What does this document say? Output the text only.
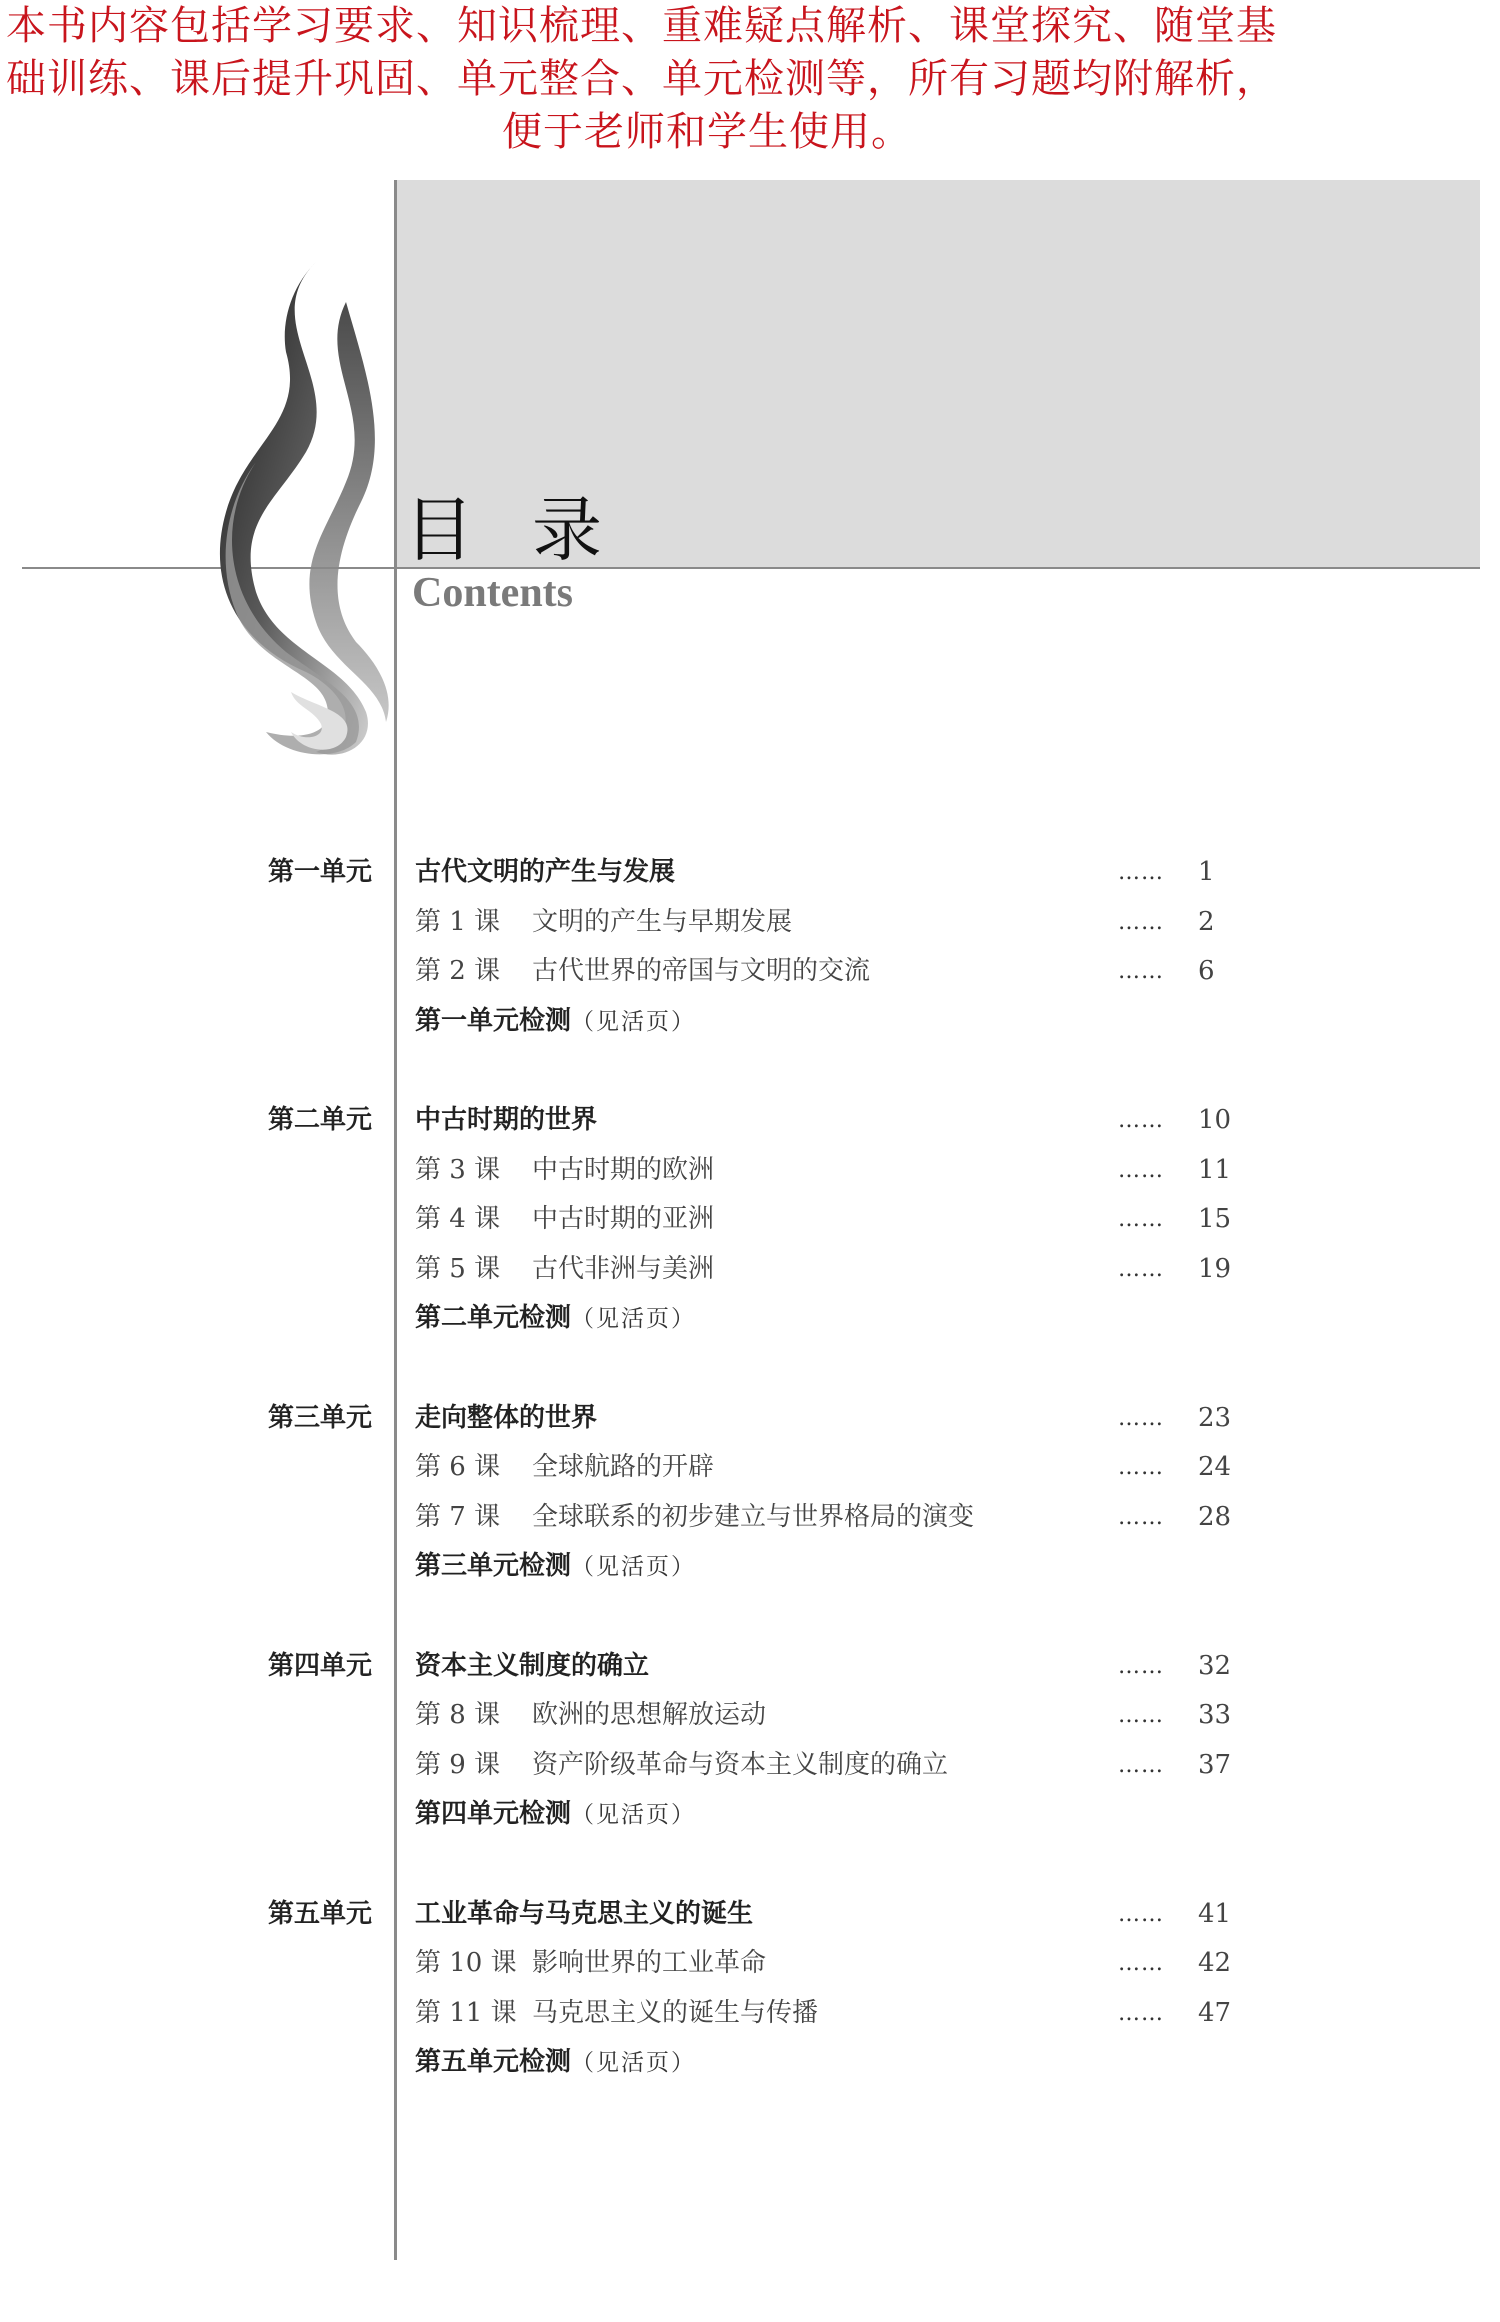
本书内容包括学习要求、知识梳理、重难疑点解析、课堂探究、随堂基
础训练、课后提升巩固、单元整合、单元检测等，所有习题均附解析，
便于老师和学生使用。
目录
Contents
第一单元	古代文明的产生与发展	…… 1
第 1 课 文明的产生与早期发展	…… 2
第 2 课 古代世界的帝国与文明的交流	…… 6
第一单元检测（见活页）
第二单元	中古时期的世界	…… 10
第 3 课 中古时期的欧洲	…… 11
第 4 课 中古时期的亚洲	…… 15
第 5 课 古代非洲与美洲	…… 19
第二单元检测（见活页）
第三单元	走向整体的世界	…… 23
第 6 课 全球航路的开辟	…… 24
第 7 课 全球联系的初步建立与世界格局的演变	…… 28
第三单元检测（见活页）
第四单元	资本主义制度的确立	…… 32
第 8 课 欧洲的思想解放运动	…… 33
第 9 课 资产阶级革命与资本主义制度的确立	…… 37
第四单元检测（见活页）
第五单元	工业革命与马克思主义的诞生	…… 41
第 10 课 影响世界的工业革命	…… 42
第 11 课 马克思主义的诞生与传播	…… 47
第五单元检测（见活页）
